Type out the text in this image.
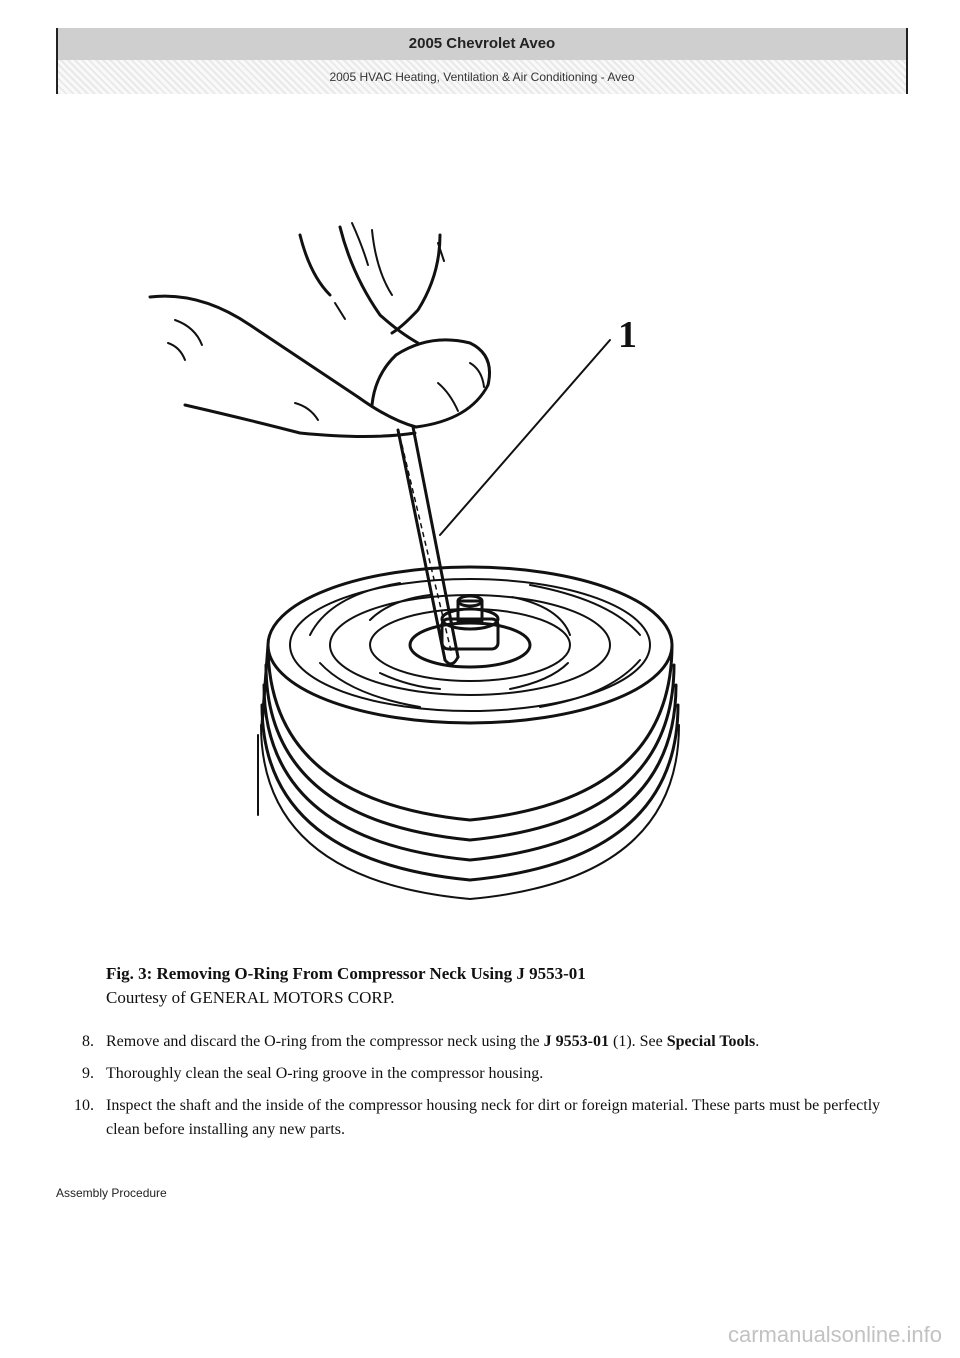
2005 Chevrolet Aveo
2005 HVAC Heating, Ventilation & Air Conditioning - Aveo
1
Fig. 3: Removing O-Ring From Compressor Neck Using J 9553-01
Courtesy of GENERAL MOTORS CORP.
8. Remove and discard the O-ring from the compressor neck using the J 9553-01 (1). See Special Tools.
9. Thoroughly clean the seal O-ring groove in the compressor housing.
10. Inspect the shaft and the inside of the compressor housing neck for dirt or foreign material. These parts must be perfectly clean before installing any new parts.
Assembly Procedure
carmanualsonline.info
